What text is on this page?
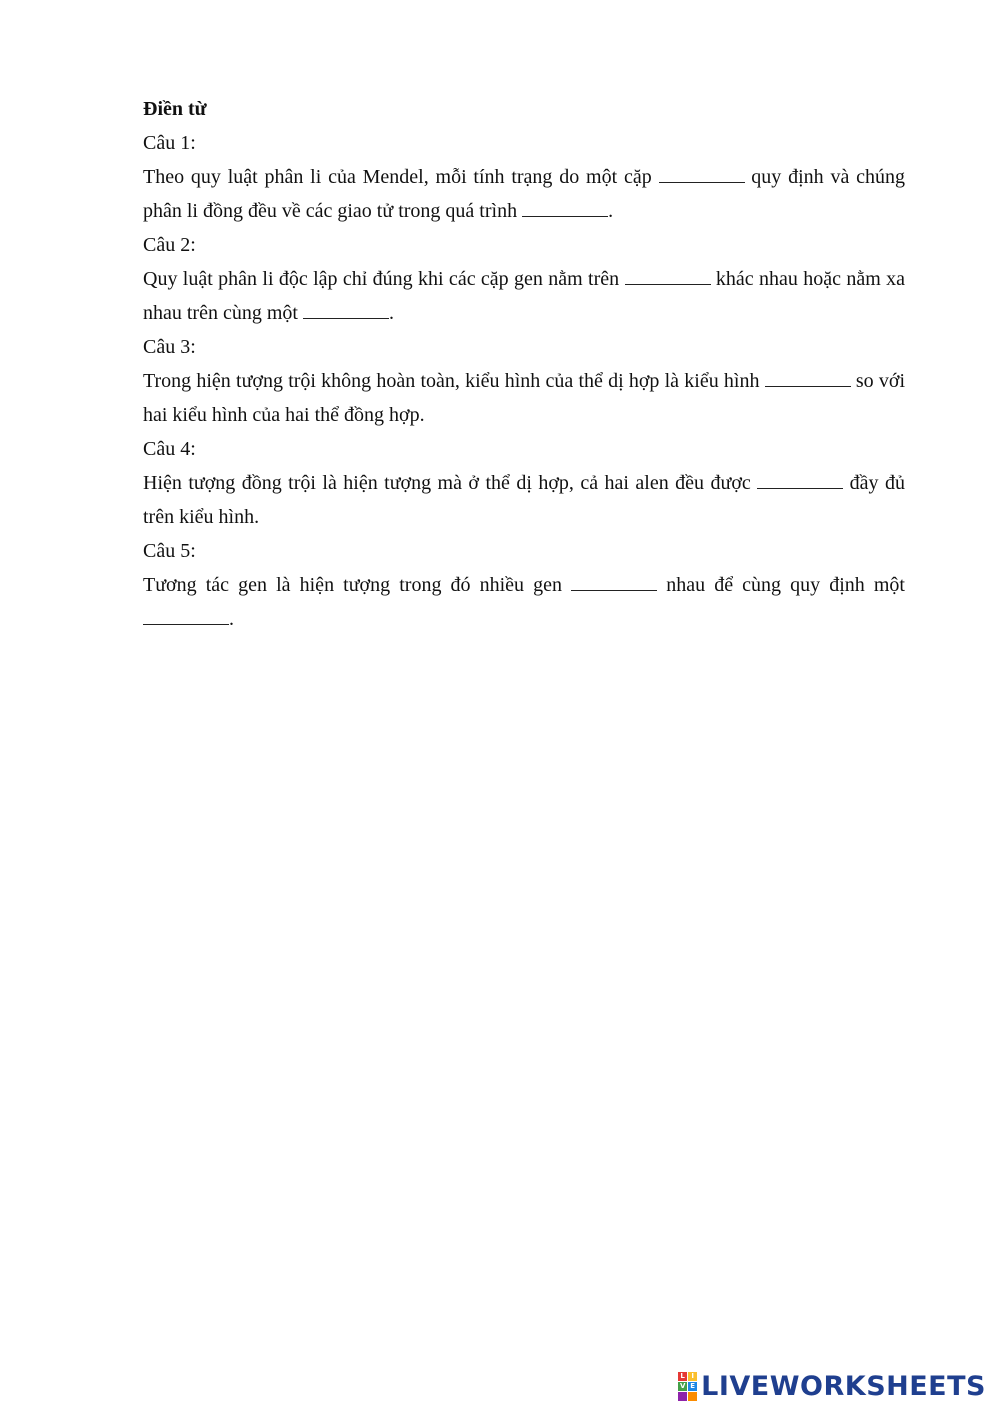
Điền từ

Câu 1:

Theo quy luật phân li của Mendel, mỗi tính trạng do một cặp	quy định và chúng phân li đồng đều về các giao tử trong quá trình	.

Câu 2:

Quy luật phân li độc lập chỉ đúng khi các cặp gen nằm trên	khác nhau hoặc nằm xa nhau trên cùng một	.

Câu 3:

Trong hiện tượng trội không hoàn toàn, kiểu hình của thể dị hợp là kiểu hình	so với hai kiểu hình của hai thể đồng hợp.

Câu 4:

Hiện tượng đồng trội là hiện tượng mà ở thể dị hợp, cả hai alen đều được	đầy đủ trên kiểu hình.

Câu 5:

Tương tác gen là hiện tượng trong đó nhiều gen	nhau để cùng quy định một .

L I
V E LIVEWORKSHEETS
